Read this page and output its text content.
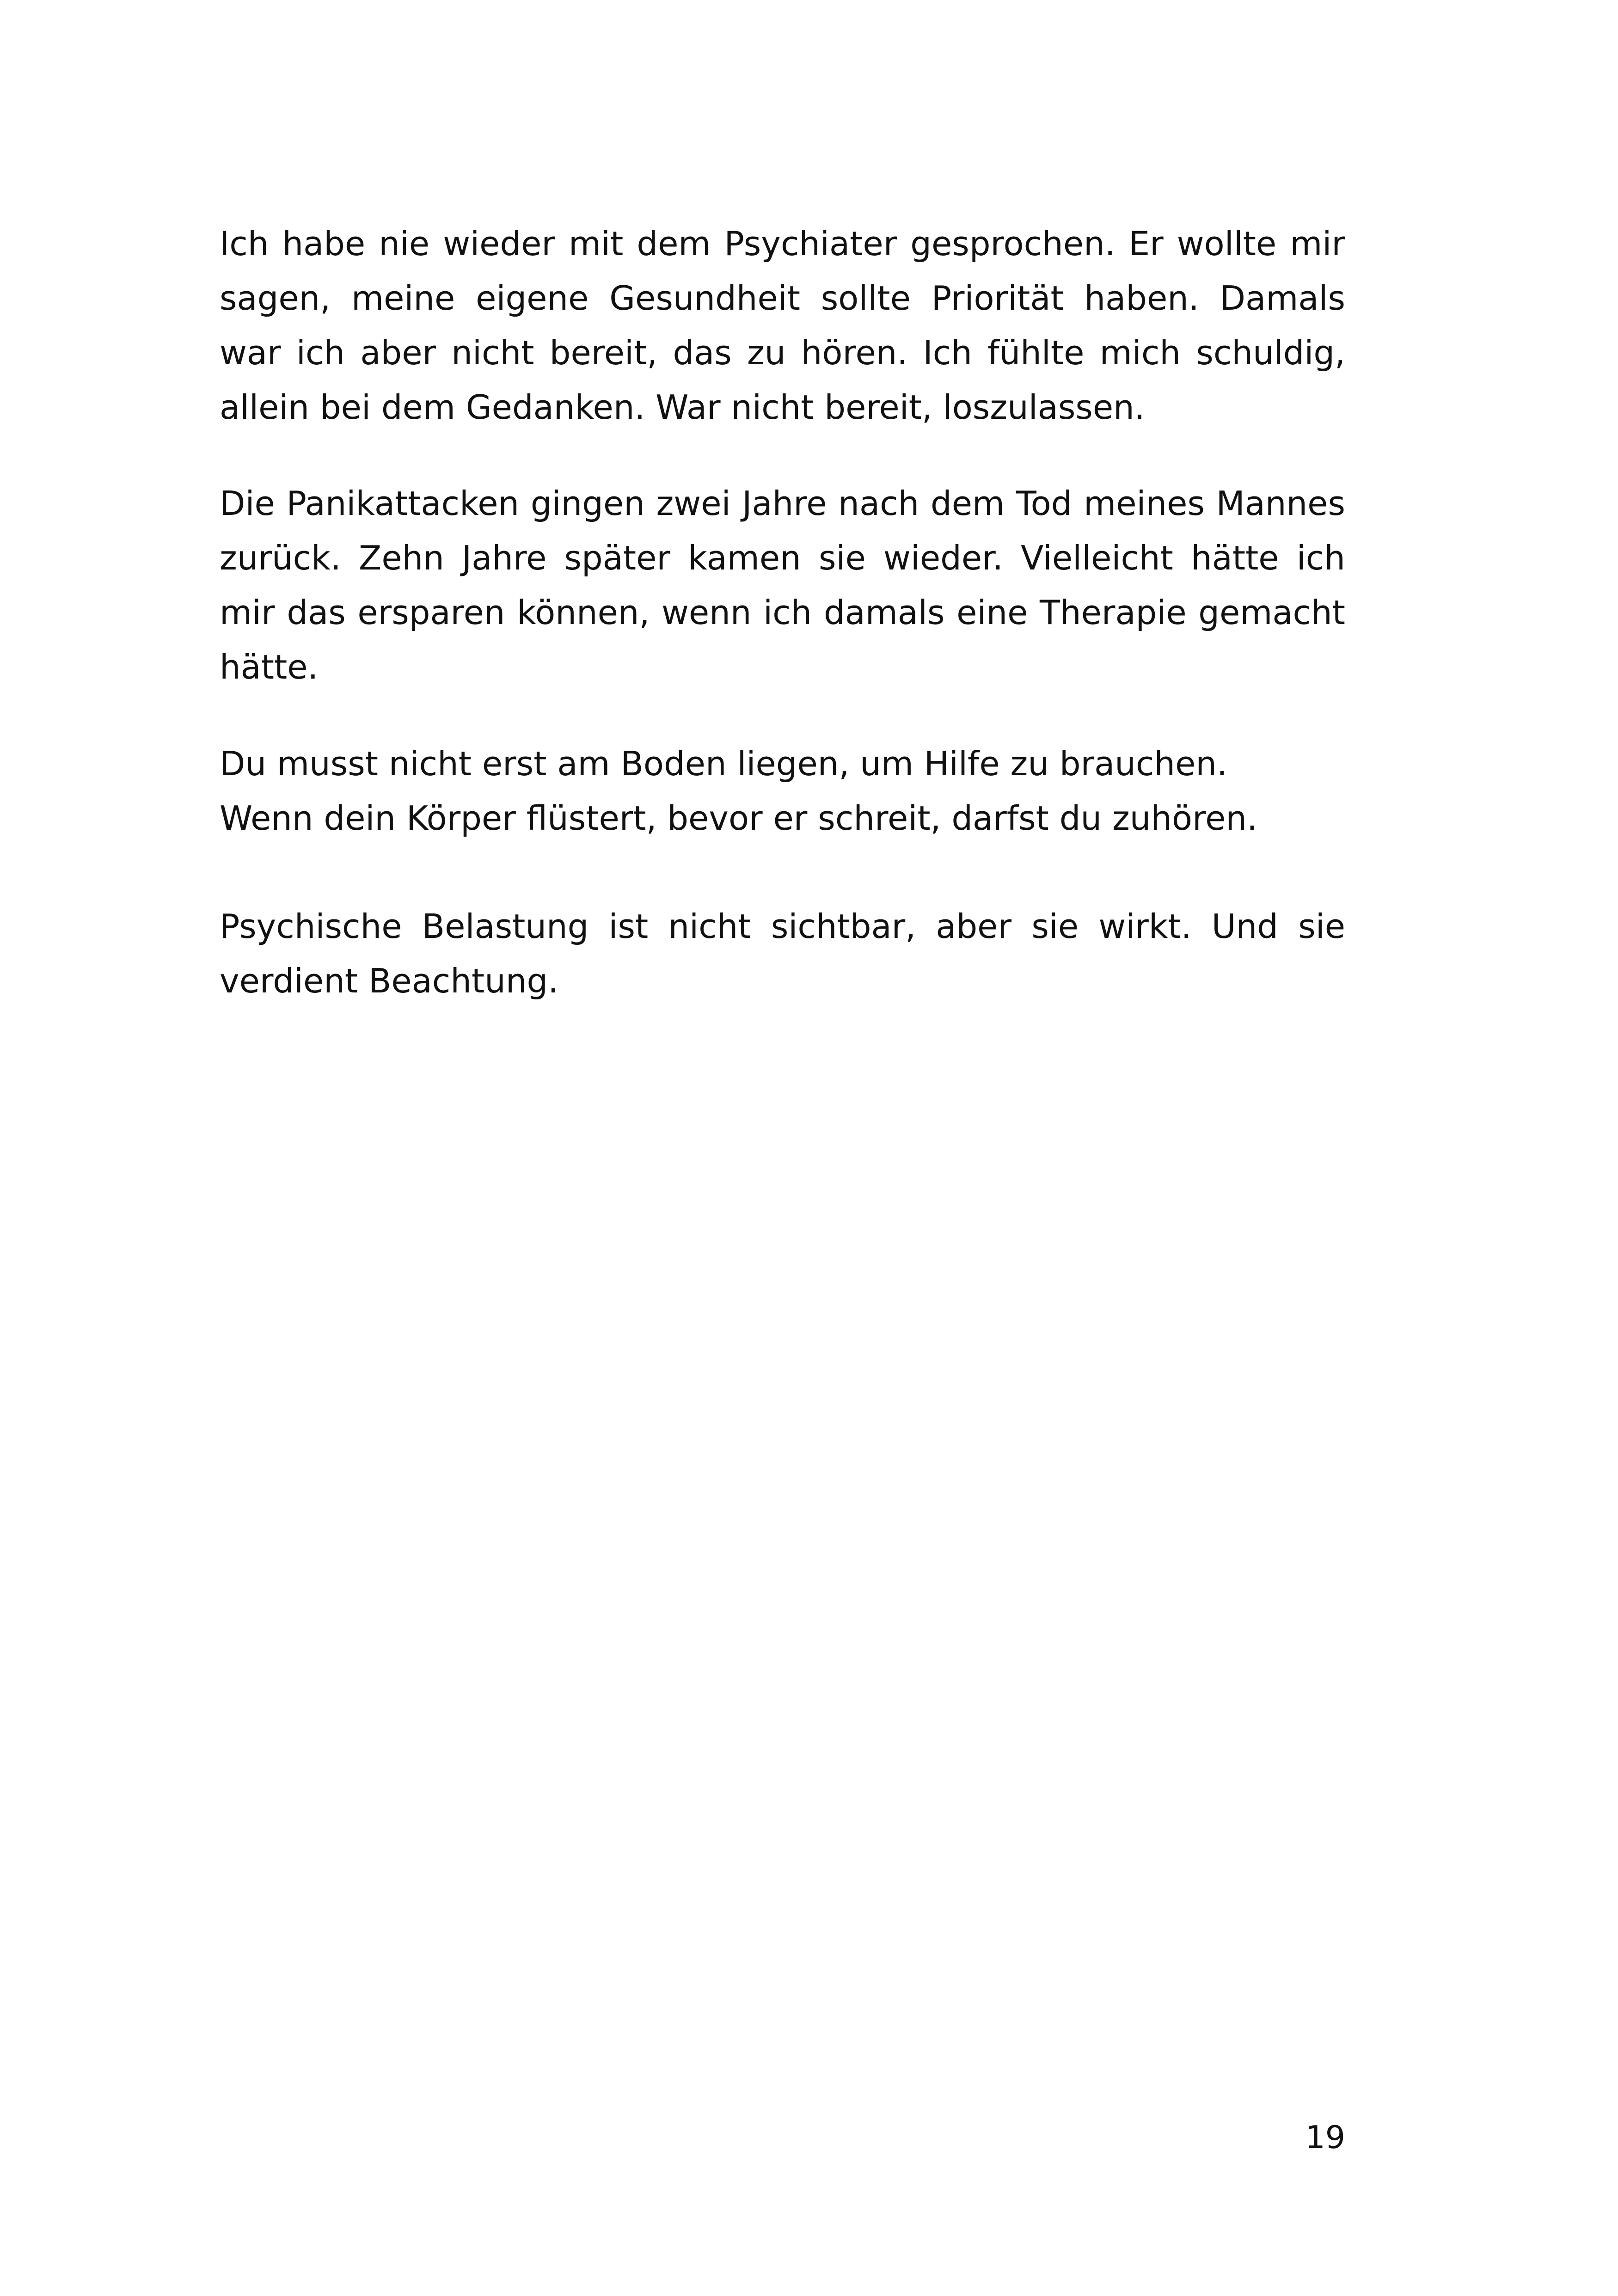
Ich habe nie wieder mit dem Psychiater gesprochen. Er wollte mir sagen, meine eigene Gesundheit sollte Priorität haben. Damals war ich aber nicht bereit, das zu hören. Ich fühlte mich schuldig, allein bei dem Gedanken. War nicht bereit, loszulassen.

Die Panikattacken gingen zwei Jahre nach dem Tod meines Mannes zurück. Zehn Jahre später kamen sie wieder. Vielleicht hätte ich mir das ersparen können, wenn ich damals eine Therapie gemacht hätte.

Du musst nicht erst am Boden liegen, um Hilfe zu brauchen.
Wenn dein Körper flüstert, bevor er schreit, darfst du zuhören.

Psychische Belastung ist nicht sichtbar, aber sie wirkt. Und sie verdient Beachtung.

19
